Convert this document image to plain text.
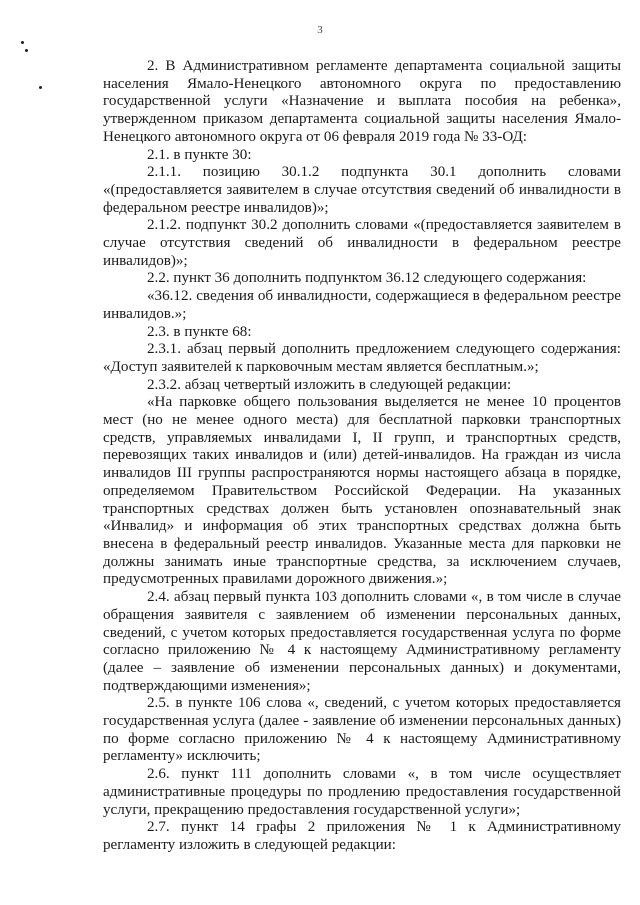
3

2. В Административном регламенте департамента социальной защиты населения Ямало-Ненецкого автономного округа по предоставлению государственной услуги «Назначение и выплата пособия на ребенка», утвержденном приказом департамента социальной защиты населения Ямало-Ненецкого автономного округа от 06 февраля 2019 года № 33-ОД:

2.1. в пункте 30:

2.1.1. позицию 30.1.2 подпункта 30.1 дополнить словами «(предоставляется заявителем в случае отсутствия сведений об инвалидности в федеральном реестре инвалидов)»;

2.1.2. подпункт 30.2 дополнить словами «(предоставляется заявителем в случае отсутствия сведений об инвалидности в федеральном реестре инвалидов)»;

2.2. пункт 36 дополнить подпунктом 36.12 следующего содержания:

«36.12. сведения об инвалидности, содержащиеся в федеральном реестре инвалидов.»;

2.3. в пункте 68:

2.3.1. абзац первый дополнить предложением следующего содержания: «Доступ заявителей к парковочным местам является бесплатным.»;

2.3.2. абзац четвертый изложить в следующей редакции:

«На парковке общего пользования выделяется не менее 10 процентов мест (но не менее одного места) для бесплатной парковки транспортных средств, управляемых инвалидами I, II групп, и транспортных средств, перевозящих таких инвалидов и (или) детей-инвалидов. На граждан из числа инвалидов III группы распространяются нормы настоящего абзаца в порядке, определяемом Правительством Российской Федерации. На указанных транспортных средствах должен быть установлен опознавательный знак «Инвалид» и информация об этих транспортных средствах должна быть внесена в федеральный реестр инвалидов. Указанные места для парковки не должны занимать иные транспортные средства, за исключением случаев, предусмотренных правилами дорожного движения.»;

2.4. абзац первый пункта 103 дополнить словами «, в том числе в случае обращения заявителя с заявлением об изменении персональных данных, сведений, с учетом которых предоставляется государственная услуга по форме согласно приложению № 4 к настоящему Административному регламенту (далее – заявление об изменении персональных данных) и документами, подтверждающими изменения»;

2.5. в пункте 106 слова «, сведений, с учетом которых предоставляется государственная услуга (далее - заявление об изменении персональных данных) по форме согласно приложению № 4 к настоящему Административному регламенту» исключить;

2.6. пункт 111 дополнить словами «, в том числе осуществляет административные процедуры по продлению предоставления государственной услуги, прекращению предоставления государственной услуги»;

2.7. пункт 14 графы 2 приложения № 1 к Административному регламенту изложить в следующей редакции:
